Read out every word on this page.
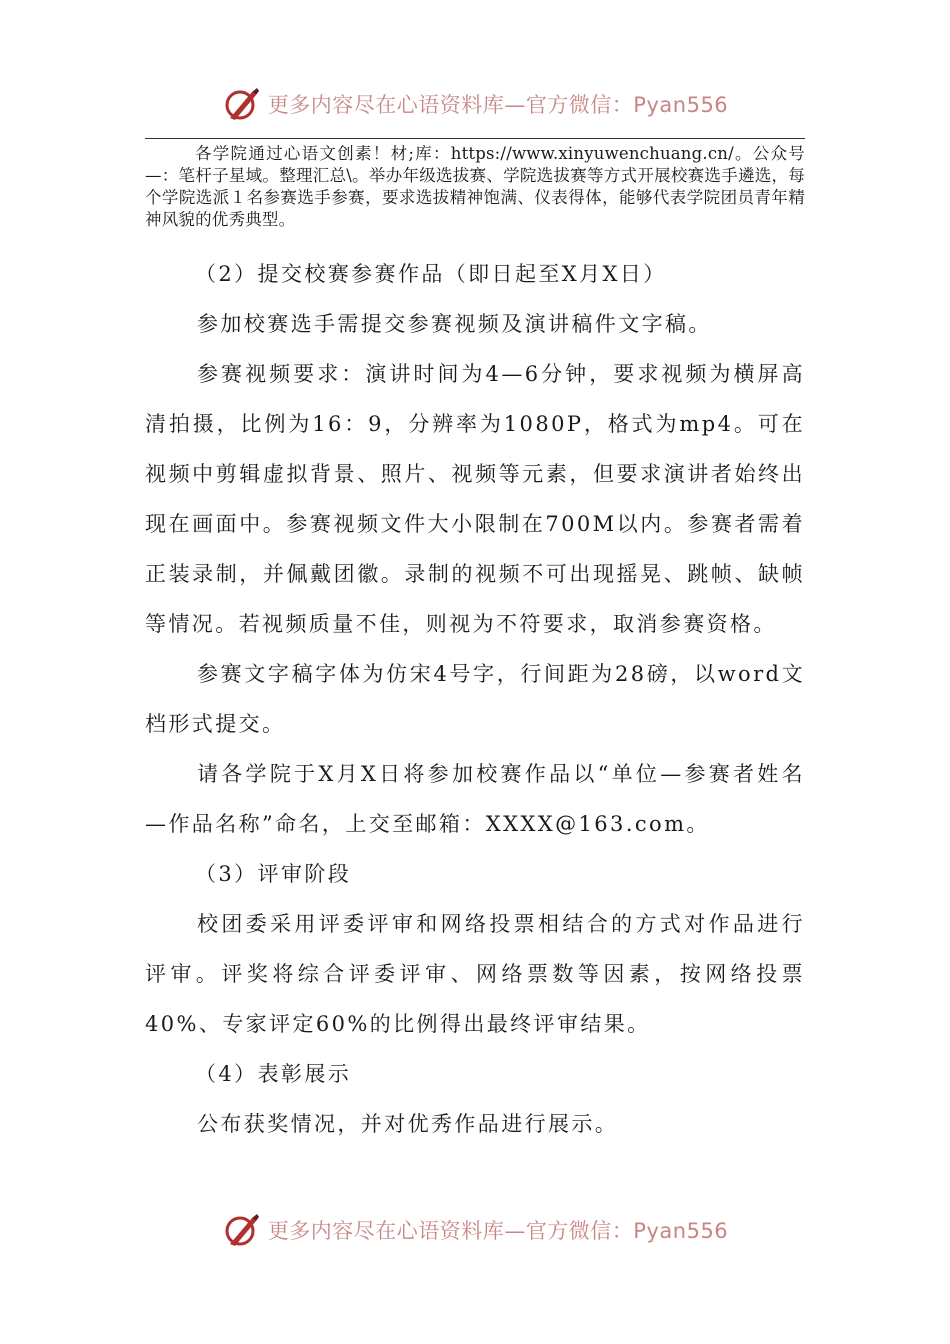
更多内容尽在心语资料库—官方微信：Pyan556
各学院通过心语文创素！材;库：https://www.xinyuwenchuang.cn/。公众号—：笔杆子星域。整理汇总\。举办年级选拔赛、学院选拔赛等方式开展校赛选手遴选，每个学院选派１名参赛选手参赛，要求选拔精神饱满、仪表得体，能够代表学院团员青年精神风貌的优秀典型。

（2）提交校赛参赛作品（即日起至X月X日）

参加校赛选手需提交参赛视频及演讲稿件文字稿。

参赛视频要求：演讲时间为4—6分钟，要求视频为横屏高清拍摄，比例为16：9，分辨率为1080P，格式为mp4。可在视频中剪辑虚拟背景、照片、视频等元素，但要求演讲者始终出现在画面中。参赛视频文件大小限制在700M以内。参赛者需着正装录制，并佩戴团徽。录制的视频不可出现摇晃、跳帧、缺帧等情况。若视频质量不佳，则视为不符要求，取消参赛资格。

参赛文字稿字体为仿宋4号字，行间距为28磅，以word文档形式提交。

请各学院于X月X日将参加校赛作品以“单位—参赛者姓名—作品名称”命名，上交至邮箱：XXXX@163.com。

（3）评审阶段

校团委采用评委评审和网络投票相结合的方式对作品进行评审。评奖将综合评委评审、网络票数等因素，按网络投票40%、专家评定60%的比例得出最终评审结果。

（4）表彰展示

公布获奖情况，并对优秀作品进行展示。

更多内容尽在心语资料库—官方微信：Pyan556
